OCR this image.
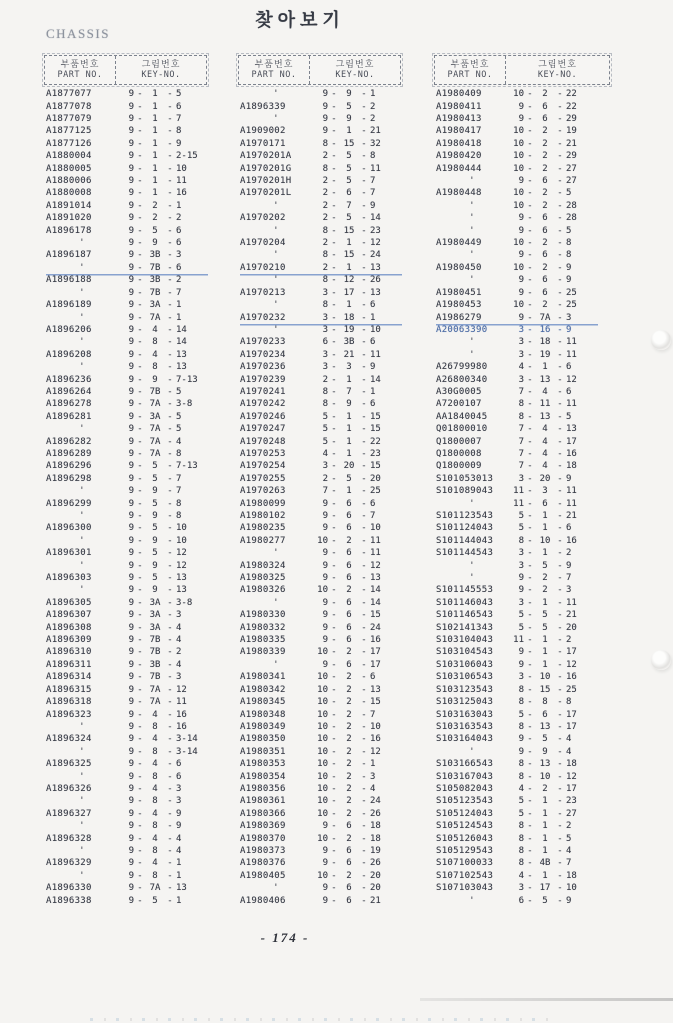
찾아보기
CHASSIS
부품번호
PART NO.
그림번호
KEY-NO.
부품번호
PART NO.
그림번호
KEY-NO.
부품번호
PART NO.
그림번호
KEY-NO.
A1877077	9 -	1	- 5
A1877078	9 -	1	- 6
A1877079	9 -	1	- 7
A1877125	9 -	1	- 8
A1877126	9 -	1	- 9
A1880004	9 -	1	- 2-15
A1880005	9 -	1	- 10
A1880006	9 -	1	- 11
A1880008	9 -	1	- 16
A1891014	9 -	2	- 1
A1891020	9 -	2	- 2
A1896178	9 -	5	- 6
'	9 -	9	- 6
A1896187	9 - 3B - 3
'	9 - 7B - 6
A1896188	9 - 3B - 2
'	9 - 7B - 7
A1896189	9 - 3A - 1
'	9 - 7A - 1
A1896206	9 -	4	- 14
'	9 -	8	- 14
A1896208	9 -	4	- 13
'	9 -	8	- 13
A1896236	9 -	9	- 7-13
A1896264	9 - 7B - 5
A1896278	9 - 7A - 3-8
A1896281	9 - 3A - 5
'	9 - 7A - 5
A1896282	9 - 7A - 4
A1896289	9 - 7A - 8
A1896296	9 -	5	- 7-13
A1896298	9 -	5	- 7
'	9 -	9	- 7
A1896299	9 -	5	- 8
'	9 -	9	- 8
A1896300	9 -	5	- 10
'	9 -	9	- 10
A1896301	9 -	5	- 12
'	9 -	9	- 12
A1896303	9 -	5	- 13
'	9 -	9	- 13
A1896305	9 - 3A - 3-8
A1896307	9 - 3A - 3
A1896308	9 - 3A - 4
A1896309	9 - 7B - 4
A1896310	9 - 7B - 2
A1896311	9 - 3B - 4
A1896314	9 - 7B - 3
A1896315	9 - 7A - 12
A1896318	9 - 7A - 11
A1896323	9 -	4	- 16
'	9 -	8	- 16
A1896324	9 -	4	- 3-14
'	9 -	8	- 3-14
A1896325	9 -	4	- 6
'	9 -	8	- 6
A1896326	9 -	4	- 3
'	9 -	8	- 3
A1896327	9 -	4	- 9
'	9 -	8	- 9
A1896328	9 -	4	- 4
'	9 -	8	- 4
A1896329	9 -	4	- 1
'	9 -	8	- 1
A1896330	9 - 7A - 13
A1896338	9 -	5	- 1
'	9 -	9	- 1
A1896339	9 -	5	- 2
'	9 -	9	- 2
A1909002	9 -	1	- 21
A1970171	8 - 15 - 32
A1970201A	2 -	5	- 8
A1970201G	8 -	5	- 11
A1970201H	2 -	5	- 7
A1970201L	2 -	6	- 7
'	2 -	7	- 9
A1970202	2 -	5	- 14
'	8 - 15 - 23
A1970204	2 -	1	- 12
'	8 - 15 - 24
A1970210	2 -	1	- 13
'	8 - 12 - 26
A1970213	3 - 17 - 13
'	8 -	1	- 6
A1970232	3 - 18 - 1
'	3 - 19 - 10
A1970233	6 - 3B - 6
A1970234	3 - 21 - 11
A1970236	3 -	3	- 9
A1970239	2 -	1	- 14
A1970241	8 -	7	- 1
A1970242	8 -	9	- 6
A1970246	5 -	1	- 15
A1970247	5 -	1	- 15
A1970248	5 -	1	- 22
A1970253	4 -	1	- 23
A1970254	3 - 20 - 15
A1970255	2 -	5	- 20
A1970263	7 -	1	- 25
A1980099	9 -	6	- 6
A1980102	9 -	6	- 7
A1980235	9 -	6	- 10
A1980277	10 -	2	- 11
'	9 -	6	- 11
A1980324	9 -	6	- 12
A1980325	9 -	6	- 13
A1980326	10 -	2	- 14
'	9 -	6	- 14
A1980330	9 -	6	- 15
A1980332	9 -	6	- 24
A1980335	9 -	6	- 16
A1980339	10 -	2	- 17
'	9 -	6	- 17
A1980341	10 -	2	- 6
A1980342	10 -	2	- 13
A1980345	10 -	2	- 15
A1980348	10 -	2	- 7
A1980349	10 -	2	- 10
A1980350	10 -	2	- 16
A1980351	10 -	2	- 12
A1980353	10 -	2	- 1
A1980354	10 -	2	- 3
A1980356	10 -	2	- 4
A1980361	10 -	2	- 24
A1980366	10 -	2	- 26
A1980369	9 -	6	- 18
A1980370	10 -	2	- 18
A1980373	9 -	6	- 19
A1980376	9 -	6	- 26
A1980405	10 -	2	- 20
'	9 -	6	- 20
A1980406	9 -	6	- 21
A1980409	10 -	2	- 22
A1980411	9 -	6	- 22
A1980413	9 -	6	- 29
A1980417	10 -	2	- 19
A1980418	10 -	2	- 21
A1980420	10 -	2	- 29
A1980444	10 -	2	- 27
'	9 -	6	- 27
A1980448	10 -	2	- 5
'	10 -	2	- 28
'	9 -	6	- 28
'	9 -	6	- 5
A1980449	10 -	2	- 8
'	9 -	6	- 8
A1980450	10 -	2	- 9
'	9 -	6	- 9
A1980451	9 -	6	- 25
A1980453	10 -	2	- 25
A1986279	9 - 7A - 3
A20063390	3 - 16 - 9
'	3 - 18 - 11
'	3 - 19 - 11
A26799980	4 -	1	- 6
A26800340	3 - 13 - 12
A30G0005	7 -	4	- 6
A7200107	8 - 11 - 11
AA1840045	8 - 13 - 5
Q01800010	7 -	4	- 13
Q1800007	7 -	4	- 17
Q1800008	7 -	4	- 16
Q1800009	7 -	4	- 18
S101053013	3 - 20 - 9
S101089043	11 -	3	- 11
'	11 -	6	- 11
S101123543	5 -	1	- 21
S101124043	5 -	1	- 6
S101144043	8 - 10 - 16
S101144543	3 -	1	- 2
'	3 -	5	- 9
'	9 -	2	- 7
S101145553	9 -	2	- 3
S101146043	3 -	1	- 11
S101146543	5 -	5	- 21
S102141343	5 -	5	- 20
S103104043	11 -	1	- 2
S103104543	9 -	1	- 17
S103106043	9 -	1	- 12
S103106543	3 - 10 - 16
S103123543	8 - 15 - 25
S103125043	8 -	8	- 8
S103163043	5 -	6	- 17
S103163543	8 - 13 - 17
S103164043	9 -	5	- 4
'	9 -	9	- 4
S103166543	8 - 13 - 18
S103167043	8 - 10 - 12
S105082043	4 -	2	- 17
S105123543	5 -	1	- 23
S105124043	5 -	1	- 27
S105124543	8 -	1	- 2
S105126043	8 -	1	- 5
S105129543	8 -	1	- 4
S107100033	8 - 4B - 7
S107102543	4 -	1	- 18
S107103043	3 - 17 - 10
'	6 -	5	- 9
- 174 -
